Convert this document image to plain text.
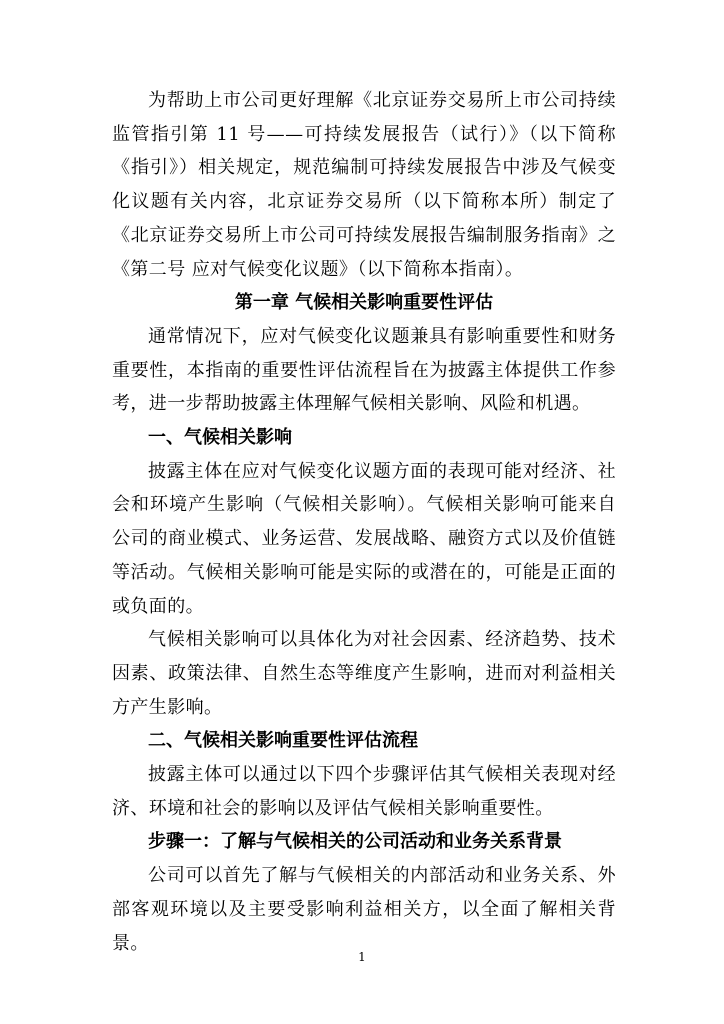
为帮助上市公司更好理解《北京证券交易所上市公司持续监管指引第 11 号——可持续发展报告（试行）》（以下简称《指引》）相关规定，规范编制可持续发展报告中涉及气候变化议题有关内容，北京证券交易所（以下简称本所）制定了《北京证券交易所上市公司可持续发展报告编制服务指南》之《第二号 应对气候变化议题》（以下简称本指南）。

第一章 气候相关影响重要性评估

通常情况下，应对气候变化议题兼具有影响重要性和财务重要性，本指南的重要性评估流程旨在为披露主体提供工作参考，进一步帮助披露主体理解气候相关影响、风险和机遇。

一、气候相关影响

披露主体在应对气候变化议题方面的表现可能对经济、社会和环境产生影响（气候相关影响）。气候相关影响可能来自公司的商业模式、业务运营、发展战略、融资方式以及价值链等活动。气候相关影响可能是实际的或潜在的，可能是正面的或负面的。

气候相关影响可以具体化为对社会因素、经济趋势、技术因素、政策法律、自然生态等维度产生影响，进而对利益相关方产生影响。

二、气候相关影响重要性评估流程

披露主体可以通过以下四个步骤评估其气候相关表现对经济、环境和社会的影响以及评估气候相关影响重要性。

步骤一：了解与气候相关的公司活动和业务关系背景

公司可以首先了解与气候相关的内部活动和业务关系、外部客观环境以及主要受影响利益相关方，以全面了解相关背景。

1
